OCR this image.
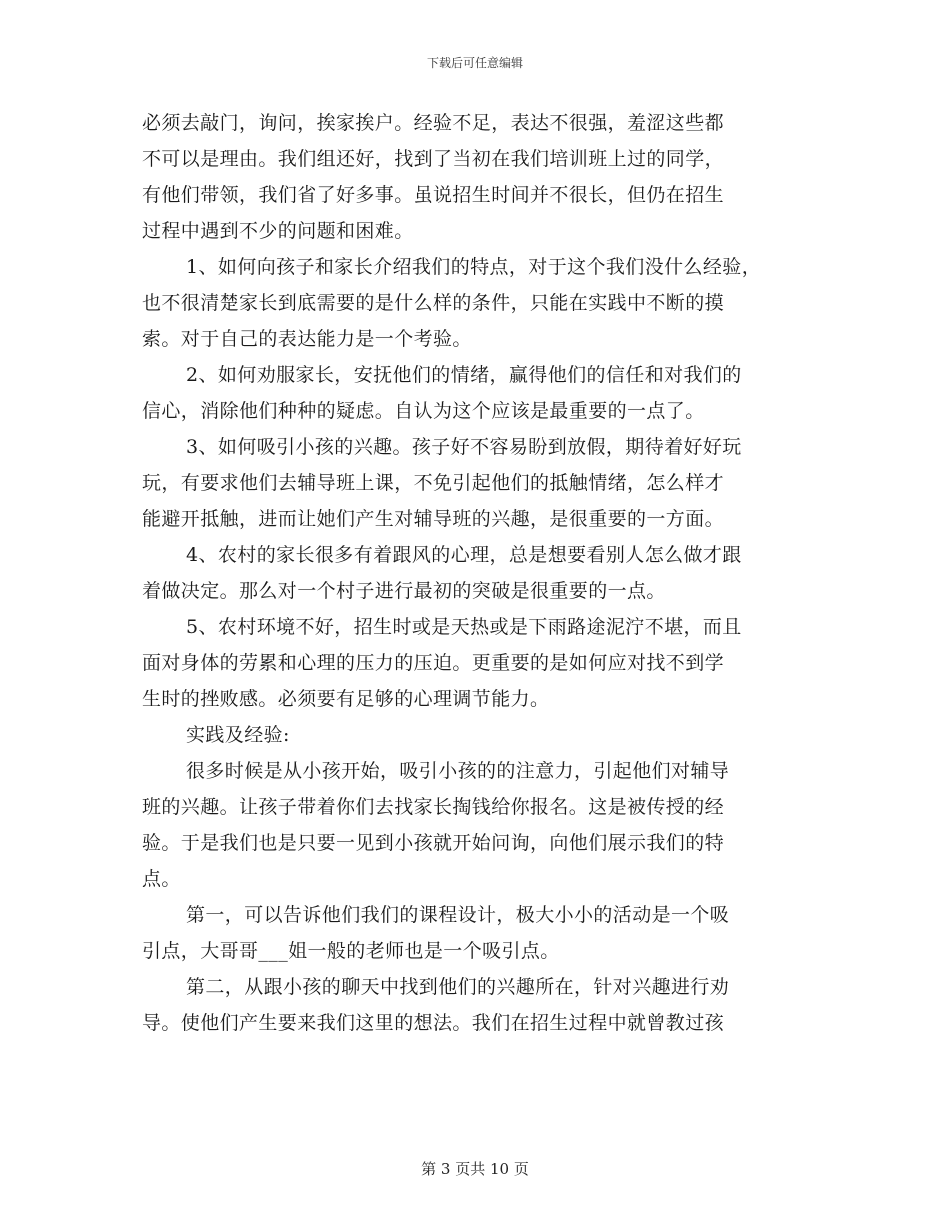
下载后可任意编辑
必须去敲门，询问，挨家挨户。经验不足，表达不很强，羞涩这些都
不可以是理由。我们组还好，找到了当初在我们培训班上过的同学，
有他们带领，我们省了好多事。虽说招生时间并不很长，但仍在招生
过程中遇到不少的问题和困难。
1、如何向孩子和家长介绍我们的特点，对于这个我们没什么经验，
也不很清楚家长到底需要的是什么样的条件，只能在实践中不断的摸
索。对于自己的表达能力是一个考验。
2、如何劝服家长，安抚他们的情绪，赢得他们的信任和对我们的
信心，消除他们种种的疑虑。自认为这个应该是最重要的一点了。
3、如何吸引小孩的兴趣。孩子好不容易盼到放假，期待着好好玩
玩，有要求他们去辅导班上课，不免引起他们的抵触情绪，怎么样才
能避开抵触，进而让她们产生对辅导班的兴趣，是很重要的一方面。
4、农村的家长很多有着跟风的心理，总是想要看别人怎么做才跟
着做决定。那么对一个村子进行最初的突破是很重要的一点。
5、农村环境不好，招生时或是天热或是下雨路途泥泞不堪，而且
面对身体的劳累和心理的压力的压迫。更重要的是如何应对找不到学
生时的挫败感。必须要有足够的心理调节能力。
实践及经验:
很多时候是从小孩开始，吸引小孩的的注意力，引起他们对辅导
班的兴趣。让孩子带着你们去找家长掏钱给你报名。这是被传授的经
验。于是我们也是只要一见到小孩就开始问询，向他们展示我们的特
点。
第一，可以告诉他们我们的课程设计，极大小小的活动是一个吸
引点，大哥哥___姐一般的老师也是一个吸引点。
第二，从跟小孩的聊天中找到他们的兴趣所在，针对兴趣进行劝
导。使他们产生要来我们这里的想法。我们在招生过程中就曾教过孩
第 3 页共 10 页
